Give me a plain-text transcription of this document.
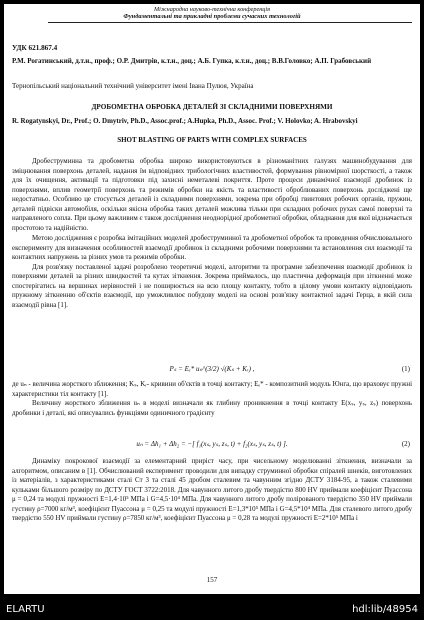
Міжнародна науково-технічна конференція
Фундаментальні та прикладні проблеми сучасних технологій
УДК 621.867.4
Р.М. Рогатинський, д.т.н., проф.; О.Р. Дмитрів, к.т.н., доц.; А.Б. Гупка, к.т.н., доц.; В.В.Головко; А.П. Грабовський
Тернопільський національний технічний університет імені Івана Пулюя, Україна
ДРОБОМЕТНА ОБРОБКА ДЕТАЛЕЙ ЗІ СКЛАДНИМИ ПОВЕРХНЯМИ
R. Rogatynskyi, Dr., Prof.; O. Dmytriv, Ph.D., Assoc.prof.; A.Hupka, Ph.D., Assoc. Prof.; V. Holovko; A. Hrabovskyi
SHOT BLASTING OF PARTS WITH COMPLEX SURFACES

Дробеструминна та дробометна обробка широко використовуються в різноманітних галузях машинобудування для зміцнювання поверхонь деталей, надання їм відповідних трибологічних властивостей, формування рівномірної шорсткості, а також для їх очищення, активації та підготовки під захисні неметалеві покриття. Проте процеси динамічної взаємодії дробинок із поверхнями, вплив геометрії поверхонь та режимів обробки на якість та властивості оброблюваних поверхонь досліджені ще недостатньо. Особливо це стосується деталей із складними поверхнями, зокрема при обробці гвинтових робочих органів, пружин, деталей підвіски автомобіля, оскільки якісна обробка таких деталей можлива тільки при складних робочих рухах самої поверхні та направленого сопла. При цьому важливим є також дослідження неоднорідної дробометної обробки, обладнання для якої відзначається простотою та надійністю.

Метою дослідження є розробка імітаційних моделей дробеструминної та дробометної обробок та проведення обчислювального експерименту для визначення особливостей взаємодії дробинок із складними робочими поверхнями та встановлення сил взаємодії та контактних напружень за різних умов та режимів обробки.

Для розв'язку поставленої задачі розроблено теоретичні моделі, алгоритми та програмне забезпечення взаємодії дробинок із поверхнями деталей за різних швидкостей та кутах зіткнення. Зокрема приймалось, що пластична деформація при зіткненні може спостерігатись на вершинах нерівностей і не поширюється на всю площу контакту, тобто в цілому умови контакту відповідають пружному зіткненню об'єктів взаємодії, що уможливлює побудову моделі на основі розв'язку контактної задачі Герца, в якій сила взаємодії рівна [1].

Pₛ = Eₑ* uₙ^(3/2) √(Kₛ + Kᵣ) ,	(1)

де uₙ - величина жорсткого зближення; Kₛ, Kᵣ- кривини об'єктів в точці контакту; Eₑ* - композитний модуль Юнга, що враховує пружні характеристики тіл контакту [1].

Величину жорсткого зближення uₙ в моделі визначали як глибину проникнення в точці контакту E(xₛ, yₛ, zₛ) поверхонь дробинки і деталі, які описувались функціями одиничного градієнту

uₙ = Δh₁ + Δh₂ = −[ f₁(xₛ, yₛ, zₛ, t) + f₂(xₛ, yₛ, zₛ, t) ].	(2)

Динаміку покрокової взаємодії за елементарний приріст часу, при чисельному моделюванні зіткнення, визначали за алгоритмом, описаним в [1]. Обчислюваний експеримент проводили для випадку струминної обробки спіралей шнеків, виготовлених із матеріалів, з характеристиками сталі Ст 3 та сталі 45 дробом сталевим та чавунним згідно ДСТУ 3184-95, а також сталевими кульками більшого розміру по ДСТУ ГОСТ 3722:2018. Для чавунного литого дробу твердістю 800 HV приймали коефіцієнт Пуассона μ = 0,24 та модулі пружності E=1,4·10⁵ МПа і G=4,5·10⁴ МПа. Для чавунного литого дробу полірованого твердістю 350 HV приймали густину ρ=7000 кг/м³, коефіцієнт Пуассона μ = 0,25 та модулі пружності E=1,3*10⁵ МПа і G=4,5*10⁴ МПа. Для сталевого литого дробу твердістю 550 HV приймали густину ρ=7850 кг/м³, коефіцієнт Пуассона μ = 0,28 та модулі пружності E=2*10⁵ МПа і

157
ELARTU	hdl:lib/48954
